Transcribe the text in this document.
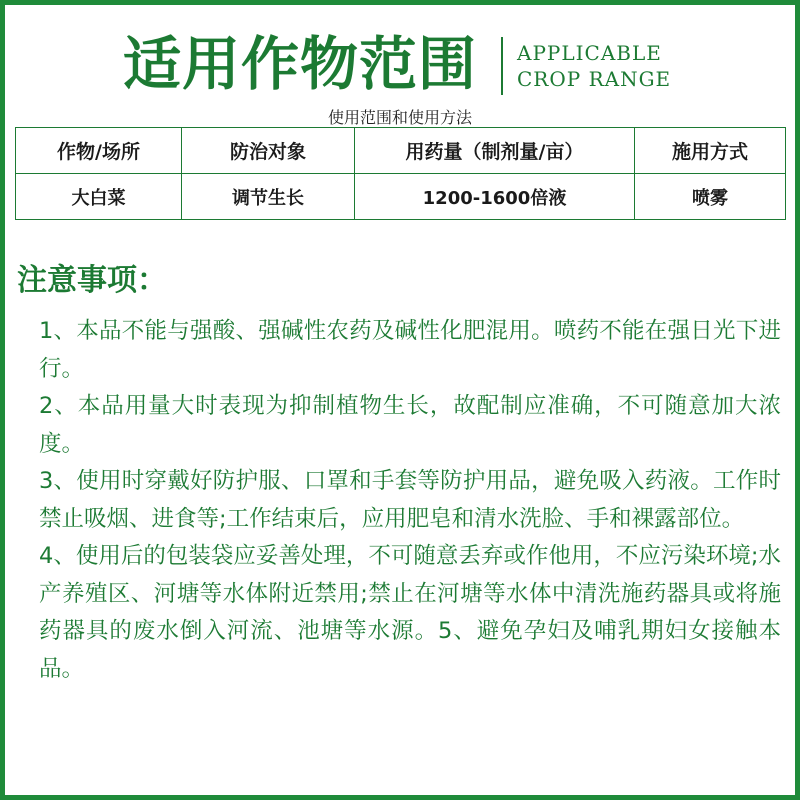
适用作物范围 APPLICABLE
CROP RANGE
使用范围和使用方法
作物/场所	防治对象	用药量（制剂量/亩）	施用方式
大白菜	调节生长	1200-1600倍液	喷雾
注意事项：

1、本品不能与强酸、强碱性农药及碱性化肥混用。喷药不能在强日光下进行。

2、本品用量大时表现为抑制植物生长，故配制应准确，不可随意加大浓度。

3、使用时穿戴好防护服、口罩和手套等防护用品，避免吸入药液。工作时禁止吸烟、进食等;工作结束后，应用肥皂和清水洗脸、手和裸露部位。

4、使用后的包装袋应妥善处理，不可随意丢弃或作他用，不应污染环境;水产养殖区、河塘等水体附近禁用;禁止在河塘等水体中清洗施药器具或将施药器具的废水倒入河流、池塘等水源。5、避免孕妇及哺乳期妇女接触本品。
